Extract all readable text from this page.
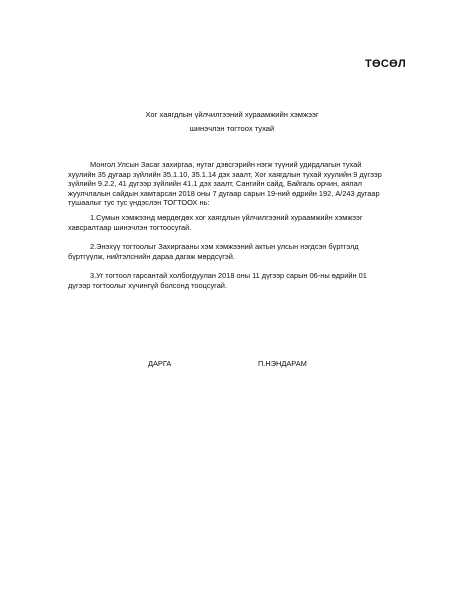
ТӨСӨЛ
Хог хаягдлын үйлчилгээний хураамжийн хэмжээг
шинэчлэн тогтоох тухай
Монгол Улсын Засаг захиргаа, нутаг дэвсгэрийн нэгж түүний удирдлагын тухай
хуулийн 35 дугаар зүйлийн 35.1.10, 35.1.14 дэх заалт, Хог хаягдлын тухай хуулийн 9 дүгээр
зүйлийн 9.2.2, 41 дүгээр зүйлийн 41.1 дэх заалт, Сангийн сайд, Байгаль орчин, аялал
жуулчлалын сайдын хамтарсан 2018 оны 7 дугаар сарын 19-ний өдрийн 192, А/243 дугаар
тушаалыг тус тус үндэслэн ТОГТООХ нь:
1.Сумын хэмжээнд мөрдөгдөх хог хаягдлын үйлчилгээний хураамжийн хэмжээг
хавсралтаар шинэчлэн тогтоосугай.
2.Энэхүү тогтоолыг Захиргааны хэм хэмжээний актын улсын нэгдсэн бүртгэлд
бүртгүүлж, нийтэлснийн дараа дагаж мөрдсүгэй.
3.Уг тогтоол гарсантай холбогдуулан 2018 оны 11 дүгээр сарын 06-ны өдрийн 01
дүгээр тогтоолыг хүчингүй болсонд тооцсугай.
ДАРГА	П.НЭНДАРАМ
